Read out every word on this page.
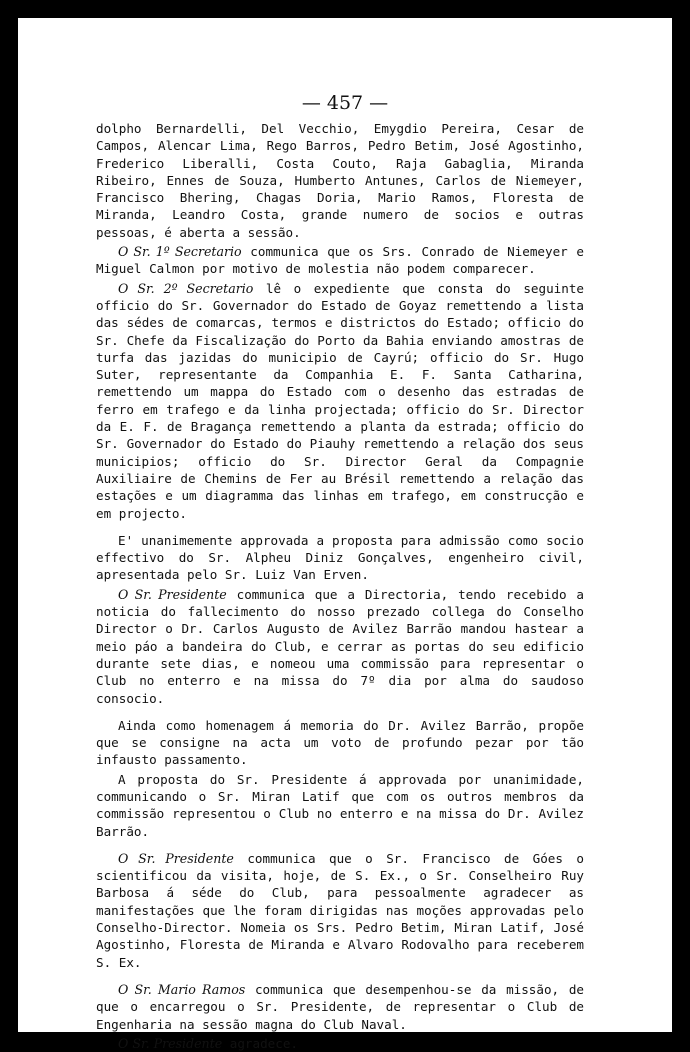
— 457 —

dolpho Bernardelli, Del Vecchio, Emygdio Pereira, Cesar de Campos, Alencar Lima, Rego Barros, Pedro Betim, José Agostinho, Frederico Liberalli, Costa Couto, Raja Gabaglia, Miranda Ribeiro, Ennes de Souza, Humberto Antunes, Carlos de Niemeyer, Francisco Bhering, Chagas Doria, Mario Ramos, Floresta de Miranda, Leandro Costa, grande numero de socios e outras pessoas, é aberta a sessão.

O Sr. 1º Secretario communica que os Srs. Conrado de Niemeyer e Miguel Calmon por motivo de molestia não podem comparecer.

O Sr. 2º Secretario lê o expediente que consta do seguinte officio do Sr. Governador do Estado de Goyaz remettendo a lista das sédes de comarcas, termos e districtos do Estado; officio do Sr. Chefe da Fiscalização do Porto da Bahia enviando amostras de turfa das jazidas do municipio de Cayrú; officio do Sr. Hugo Suter, representante da Companhia E. F. Santa Catharina, remettendo um mappa do Estado com o desenho das estradas de ferro em trafego e da linha projectada; officio do Sr. Director da E. F. de Bragança remettendo a planta da estrada; officio do Sr. Governador do Estado do Piauhy remettendo a relação dos seus municipios; officio do Sr. Director Geral da Compagnie Auxiliaire de Chemins de Fer au Brésil remettendo a relação das estações e um diagramma das linhas em trafego, em construcção e em projecto.

E' unanimemente approvada a proposta para admissão como socio effectivo do Sr. Alpheu Diniz Gonçalves, engenheiro civil, apresentada pelo Sr. Luiz Van Erven.

O Sr. Presidente communica que a Directoria, tendo recebido a noticia do fallecimento do nosso prezado collega do Conselho Director o Dr. Carlos Augusto de Avilez Barrão mandou hastear a meio páo a bandeira do Club, e cerrar as portas do seu edificio durante sete dias, e nomeou uma commissão para representar o Club no enterro e na missa do 7º dia por alma do saudoso consocio.

Ainda como homenagem á memoria do Dr. Avilez Barrão, propõe que se consigne na acta um voto de profundo pezar por tão infausto passamento.

A proposta do Sr. Presidente á approvada por unanimidade, communicando o Sr. Miran Latif que com os outros membros da commissão representou o Club no enterro e na missa do Dr. Avilez Barrão.

O Sr. Presidente communica que o Sr. Francisco de Góes o scientificou da visita, hoje, de S. Ex., o Sr. Conselheiro Ruy Barbosa á séde do Club, para pessoalmente agradecer as manifestações que lhe foram dirigidas nas moções approvadas pelo Conselho-Director. Nomeia os Srs. Pedro Betim, Miran Latif, José Agostinho, Floresta de Miranda e Alvaro Rodovalho para receberem S. Ex.

O Sr. Mario Ramos communica que desempenhou-se da missão, de que o encarregou o Sr. Presidente, de representar o Club de Engenharia na sessão magna do Club Naval.

O Sr. Presidente agradece.
